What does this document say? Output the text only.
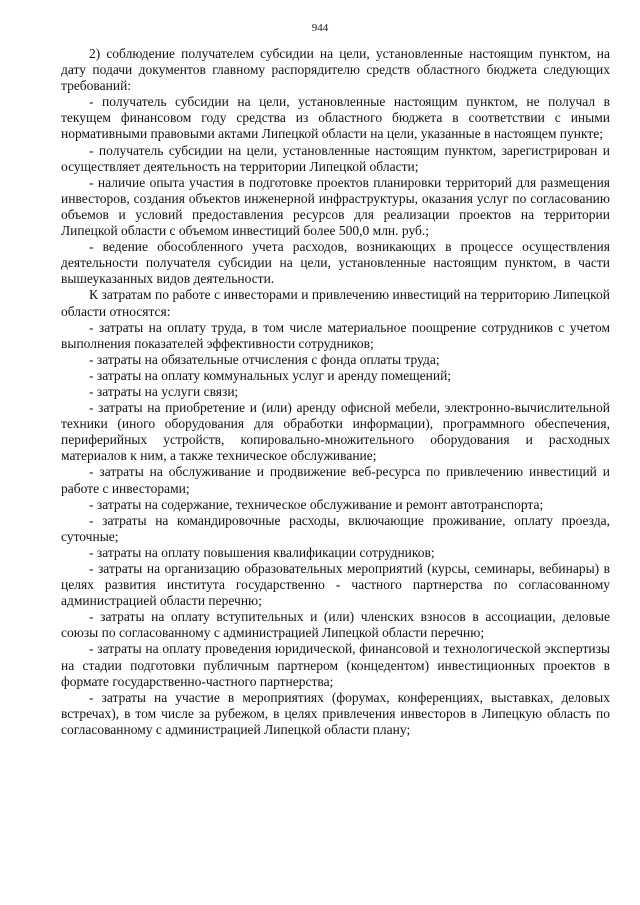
944

2) соблюдение получателем субсидии на цели, установленные настоящим пунктом, на дату подачи документов главному распорядителю средств областного бюджета следующих требований:

- получатель субсидии на цели, установленные настоящим пунктом, не получал в текущем финансовом году средства из областного бюджета в соответствии с иными нормативными правовыми актами Липецкой области на цели, указанные в настоящем пункте;

- получатель субсидии на цели, установленные настоящим пунктом, зарегистрирован и осуществляет деятельность на территории Липецкой области;

- наличие опыта участия в подготовке проектов планировки территорий для размещения инвесторов, создания объектов инженерной инфраструктуры, оказания услуг по согласованию объемов и условий предоставления ресурсов для реализации проектов на территории Липецкой области с объемом инвестиций более 500,0 млн. руб.;

- ведение обособленного учета расходов, возникающих в процессе осуществления деятельности получателя субсидии на цели, установленные настоящим пунктом, в части вышеуказанных видов деятельности.

К затратам по работе с инвесторами и привлечению инвестиций на территорию Липецкой области относятся:

- затраты на оплату труда, в том числе материальное поощрение сотрудников с учетом выполнения показателей эффективности сотрудников;

- затраты на обязательные отчисления с фонда оплаты труда;

- затраты на оплату коммунальных услуг и аренду помещений;

- затраты на услуги связи;

- затраты на приобретение и (или) аренду офисной мебели, электронно-вычислительной техники (иного оборудования для обработки информации), программного обеспечения, периферийных устройств, копировально-множительного оборудования и расходных материалов к ним, а также техническое обслуживание;

- затраты на обслуживание и продвижение веб-ресурса по привлечению инвестиций и работе с инвесторами;

- затраты на содержание, техническое обслуживание и ремонт автотранспорта;

- затраты на командировочные расходы, включающие проживание, оплату проезда, суточные;

- затраты на оплату повышения квалификации сотрудников;

- затраты на организацию образовательных мероприятий (курсы, семинары, вебинары) в целях развития института государственно - частного партнерства по согласованному администрацией области перечню;

- затраты на оплату вступительных и (или) членских взносов в ассоциации, деловые союзы по согласованному с администрацией Липецкой области перечню;

- затраты на оплату проведения юридической, финансовой и технологической экспертизы на стадии подготовки публичным партнером (концедентом) инвестиционных проектов в формате государственно-частного партнерства;

- затраты на участие в мероприятиях (форумах, конференциях, выставках, деловых встречах), в том числе за рубежом, в целях привлечения инвесторов в Липецкую область по согласованному с администрацией Липецкой области плану;
